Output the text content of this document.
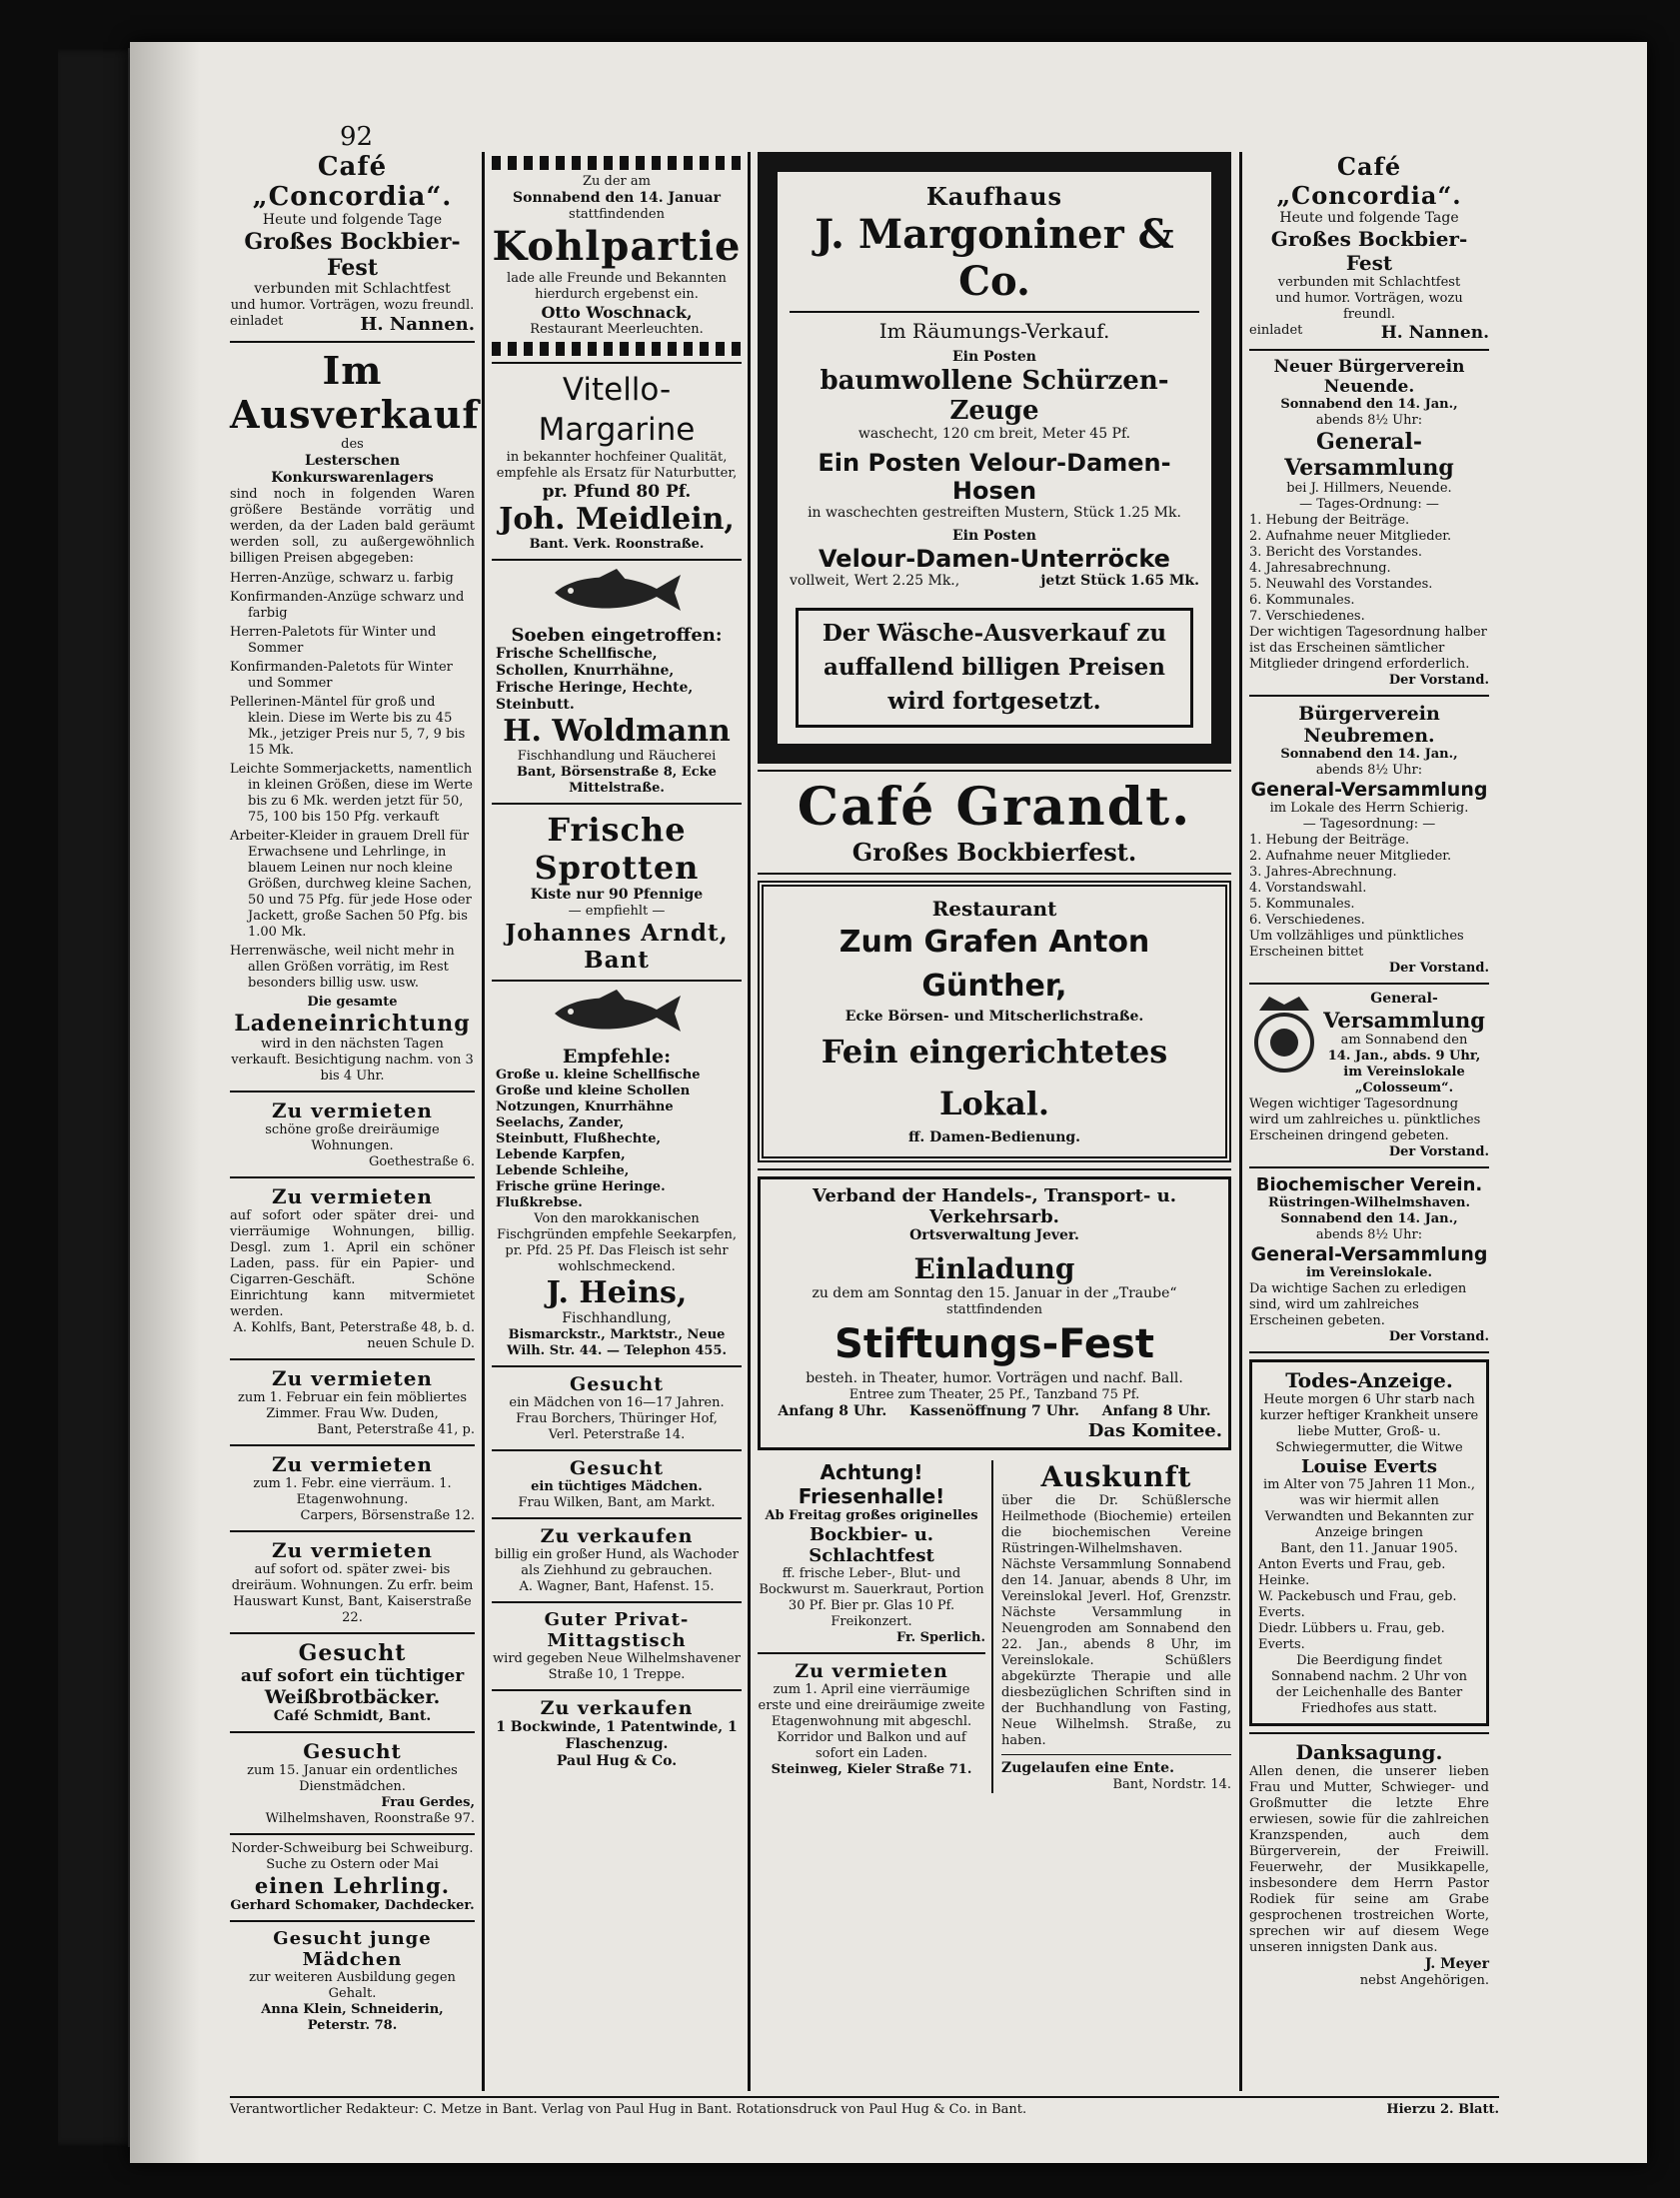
92
Café „Concordia“.
Heute und folgende Tage
Großes Bockbier-Fest
verbunden mit Schlachtfest
und humor. Vorträgen, wozu freundl.
einladet	H. Nannen.
Im Ausverkauf
des
Lesterschen Konkurswarenlagers
sind noch in folgenden Waren größere Bestände vorrätig und werden, da der Laden bald geräumt werden soll, zu außergewöhnlich billigen Preisen abgegeben:
Herren-Anzüge, schwarz u. farbig
Konfirmanden-Anzüge schwarz und farbig
Herren-Paletots für Winter und Sommer
Konfirmanden-Paletots für Winter und Sommer
Pellerinen-Mäntel für groß und klein. Diese im Werte bis zu 45 Mk., jetziger Preis nur 5, 7, 9 bis 15 Mk.
Leichte Sommerjacketts, namentlich in kleinen Größen, diese im Werte bis zu 6 Mk. werden jetzt für 50, 75, 100 bis 150 Pfg. verkauft
Arbeiter-Kleider in grauem Drell für Erwachsene und Lehrlinge, in blauem Leinen nur noch kleine Größen, durchweg kleine Sachen, 50 und 75 Pfg. für jede Hose oder Jackett, große Sachen 50 Pfg. bis 1.00 Mk.
Herrenwäsche, weil nicht mehr in allen Größen vorrätig, im Rest besonders billig usw. usw.
Die gesamte
Ladeneinrichtung
wird in den nächsten Tagen verkauft. Besichtigung nachm. von 3 bis 4 Uhr.
Zu vermieten
schöne große dreiräumige Wohnungen.
Goethestraße 6.
Zu vermieten
auf sofort oder später drei- und vierräumige Wohnungen, billig. Desgl. zum 1. April ein schöner Laden, pass. für ein Papier- und Cigarren-Geschäft. Schöne Einrichtung kann mitvermietet werden.
A. Kohlfs, Bant, Peterstraße 48, b. d. neuen Schule D.
Zu vermieten
zum 1. Februar ein fein möbliertes Zimmer. Frau Ww. Duden,
Bant, Peterstraße 41, p.
Zu vermieten
zum 1. Febr. eine vierräum. 1. Etagenwohnung.
Carpers, Börsenstraße 12.
Zu vermieten
auf sofort od. später zwei- bis dreiräum. Wohnungen. Zu erfr. beim Hauswart Kunst, Bant, Kaiserstraße 22.
Gesucht
auf sofort ein tüchtiger
Weißbrotbäcker.
Café Schmidt, Bant.
Gesucht
zum 15. Januar ein ordentliches Dienstmädchen.
Frau Gerdes,
Wilhelmshaven, Roonstraße 97.
Norder-Schweiburg bei Schweiburg. Suche zu Ostern oder Mai
einen Lehrling.
Gerhard Schomaker, Dachdecker.
Gesucht junge Mädchen
zur weiteren Ausbildung gegen Gehalt.
Anna Klein, Schneiderin, Peterstr. 78.
Zu der am
Sonnabend den 14. Januar
stattfindenden
Kohlpartie
lade alle Freunde und Bekannten hierdurch ergebenst ein.
Otto Woschnack,
Restaurant Meerleuchten.
Vitello-Margarine
in bekannter hochfeiner Qualität,
empfehle als Ersatz für Naturbutter,
pr. Pfund 80 Pf.
Joh. Meidlein,
Bant. Verk. Roonstraße.
Soeben eingetroffen:
Frische Schellfische,
Schollen, Knurrhähne,
Frische Heringe, Hechte,
Steinbutt.
H. Woldmann
Fischhandlung und Räucherei
Bant, Börsenstraße 8, Ecke Mittelstraße.
Frische Sprotten
Kiste nur 90 Pfennige
— empfiehlt —
Johannes Arndt, Bant
Empfehle:
Große u. kleine Schellfische
Große und kleine Schollen
Notzungen, Knurrhähne
Seelachs, Zander,
Steinbutt, Flußhechte,
Lebende Karpfen,
Lebende Schleihe,
Frische grüne Heringe.
Flußkrebse.
Von den marokkanischen Fischgründen empfehle Seekarpfen, pr. Pfd. 25 Pf. Das Fleisch ist sehr wohlschmeckend.
J. Heins,
Fischhandlung,
Bismarckstr., Marktstr., Neue Wilh. Str. 44. — Telephon 455.
Gesucht
ein Mädchen von 16—17 Jahren. Frau Borchers, Thüringer Hof,
Verl. Peterstraße 14.
Gesucht
ein tüchtiges Mädchen.
Frau Wilken, Bant, am Markt.
Zu verkaufen
billig ein großer Hund, als Wachoder als Ziehhund zu gebrauchen.
A. Wagner, Bant, Hafenst. 15.
Guter Privat-Mittagstisch
wird gegeben Neue Wilhelmshavener Straße 10, 1 Treppe.
Zu verkaufen
1 Bockwinde, 1 Patentwinde, 1 Flaschenzug.
Paul Hug & Co.
Kaufhaus
J. Margoniner & Co.
Im Räumungs-Verkauf.
Ein Posten
baumwollene Schürzen-Zeuge
waschecht, 120 cm breit, Meter 45 Pf.
Ein Posten Velour-Damen-Hosen
in waschechten gestreiften Mustern, Stück 1.25 Mk.
Ein Posten
Velour-Damen-Unterröcke
vollweit, Wert 2.25 Mk.,	jetzt Stück 1.65 Mk.
Der Wäsche-Ausverkauf zu
auffallend billigen Preisen
wird fortgesetzt.
Café Grandt.
Großes Bockbierfest.
Restaurant
Zum Grafen Anton Günther,
Ecke Börsen- und Mitscherlichstraße.
Fein eingerichtetes Lokal.
ff. Damen-Bedienung.
Verband der Handels-, Transport- u. Verkehrsarb.
Ortsverwaltung Jever.
Einladung
zu dem am Sonntag den 15. Januar in der „Traube“
stattfindenden
Stiftungs-Fest
besteh. in Theater, humor. Vorträgen und nachf. Ball.
Entree zum Theater, 25 Pf., Tanzband 75 Pf.
Anfang 8 Uhr. Kassenöffnung 7 Uhr. Anfang 8 Uhr.
Das Komitee.
Achtung! Friesenhalle!
Ab Freitag großes originelles
Bockbier- u. Schlachtfest
ff. frische Leber-, Blut- und Bockwurst m. Sauerkraut, Portion 30 Pf. Bier pr. Glas 10 Pf. Freikonzert.
Fr. Sperlich.
Zu vermieten
zum 1. April eine vierräumige erste und eine dreiräumige zweite Etagenwohnung mit abgeschl. Korridor und Balkon und auf sofort ein Laden.
Steinweg, Kieler Straße 71.
Auskunft
über die Dr. Schüßlersche Heilmethode (Biochemie) erteilen die biochemischen Vereine Rüstringen-Wilhelmshaven. Nächste Versammlung Sonnabend den 14. Januar, abends 8 Uhr, im Vereinslokal Jeverl. Hof, Grenzstr. Nächste Versammlung in Neuengroden am Sonnabend den 22. Jan., abends 8 Uhr, im Vereinslokale. Schüßlers abgekürzte Therapie und alle diesbezüglichen Schriften sind in der Buchhandlung von Fasting, Neue Wilhelmsh. Straße, zu haben.
Zugelaufen eine Ente.
Bant, Nordstr. 14.
Café „Concordia“.
Heute und folgende Tage
Großes Bockbier-Fest
verbunden mit Schlachtfest
und humor. Vorträgen, wozu freundl.
einladet	H. Nannen.
Neuer Bürgerverein Neuende.
Sonnabend den 14. Jan.,
abends 8½ Uhr:
General-Versammlung
bei J. Hillmers, Neuende.
— Tages-Ordnung: —
1. Hebung der Beiträge.
2. Aufnahme neuer Mitglieder.
3. Bericht des Vorstandes.
4. Jahresabrechnung.
5. Neuwahl des Vorstandes.
6. Kommunales.
7. Verschiedenes.
Der wichtigen Tagesordnung halber ist das Erscheinen sämtlicher Mitglieder dringend erforderlich.
Der Vorstand.
Bürgerverein Neubremen.
Sonnabend den 14. Jan.,
abends 8½ Uhr:
General-Versammlung
im Lokale des Herrn Schierig.
— Tagesordnung: —
1. Hebung der Beiträge.
2. Aufnahme neuer Mitglieder.
3. Jahres-Abrechnung.
4. Vorstandswahl.
5. Kommunales.
6. Verschiedenes.
Um vollzähliges und pünktliches Erscheinen bittet
Der Vorstand.
General-
Versammlung
am Sonnabend den
14. Jan., abds. 9 Uhr,
im Vereinslokale
„Colosseum“.
Wegen wichtiger Tagesordnung wird um zahlreiches u. pünktliches Erscheinen dringend gebeten.
Der Vorstand.
Biochemischer Verein.
Rüstringen-Wilhelmshaven.
Sonnabend den 14. Jan.,
abends 8½ Uhr:
General-Versammlung
im Vereinslokale.
Da wichtige Sachen zu erledigen sind, wird um zahlreiches Erscheinen gebeten.
Der Vorstand.
Todes-Anzeige.
Heute morgen 6 Uhr starb nach kurzer heftiger Krankheit unsere liebe Mutter, Groß- u. Schwiegermutter, die Witwe
Louise Everts
im Alter von 75 Jahren 11 Mon., was wir hiermit allen Verwandten und Bekannten zur Anzeige bringen
Bant, den 11. Januar 1905.
Anton Everts und Frau, geb. Heinke.
W. Packebusch und Frau, geb. Everts.
Diedr. Lübbers u. Frau, geb. Everts.
Die Beerdigung findet Sonnabend nachm. 2 Uhr von der Leichenhalle des Banter Friedhofes aus statt.
Danksagung.
Allen denen, die unserer lieben Frau und Mutter, Schwieger- und Großmutter die letzte Ehre erwiesen, sowie für die zahlreichen Kranzspenden, auch dem Bürgerverein, der Freiwill. Feuerwehr, der Musikkapelle, insbesondere dem Herrn Pastor Rodiek für seine am Grabe gesprochenen trostreichen Worte, sprechen wir auf diesem Wege unseren innigsten Dank aus.
J. Meyer
nebst Angehörigen.
Verantwortlicher Redakteur: C. Metze in Bant. Verlag von Paul Hug in Bant. Rotationsdruck von Paul Hug & Co. in Bant.	Hierzu 2. Blatt.
